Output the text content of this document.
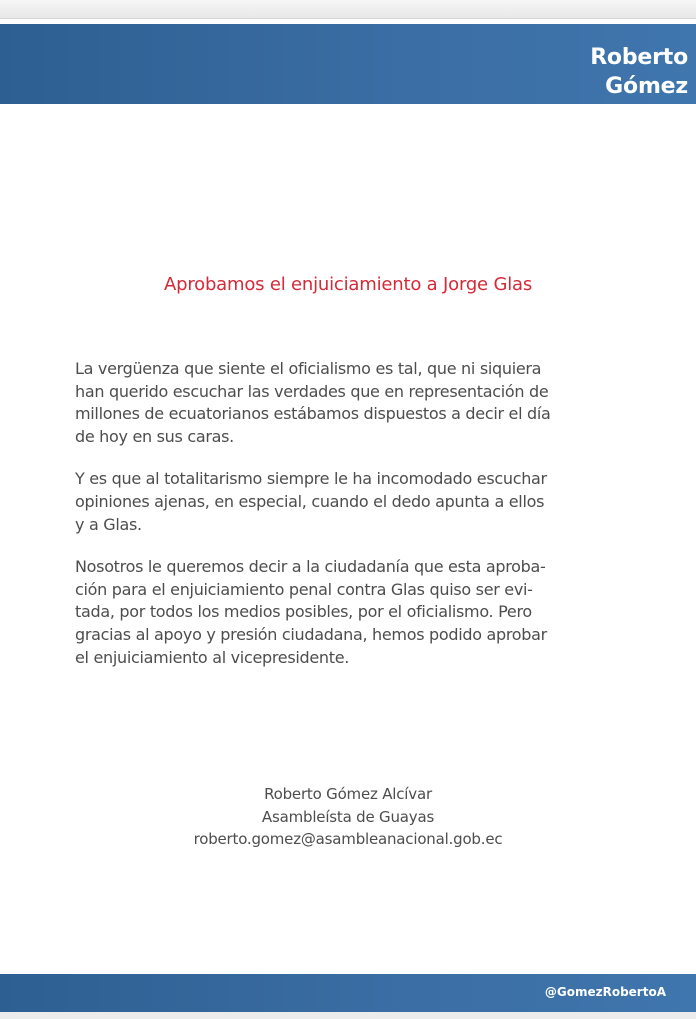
Roberto
Gómez
Aprobamos el enjuiciamiento a Jorge Glas

La vergüenza que siente el oficialismo es tal, que ni siquiera
han querido escuchar las verdades que en representación de
millones de ecuatorianos estábamos dispuestos a decir el día
de hoy en sus caras.

Y es que al totalitarismo siempre le ha incomodado escuchar
opiniones ajenas, en especial, cuando el dedo apunta a ellos
y a Glas.

Nosotros le queremos decir a la ciudadanía que esta aproba-
ción para el enjuiciamiento penal contra Glas quiso ser evi-
tada, por todos los medios posibles, por el oficialismo. Pero
gracias al apoyo y presión ciudadana, hemos podido aprobar
el enjuiciamiento al vicepresidente.

Roberto Gómez Alcívar
Asambleísta de Guayas
roberto.gomez@asambleanacional.gob.ec
@GomezRobertoA
